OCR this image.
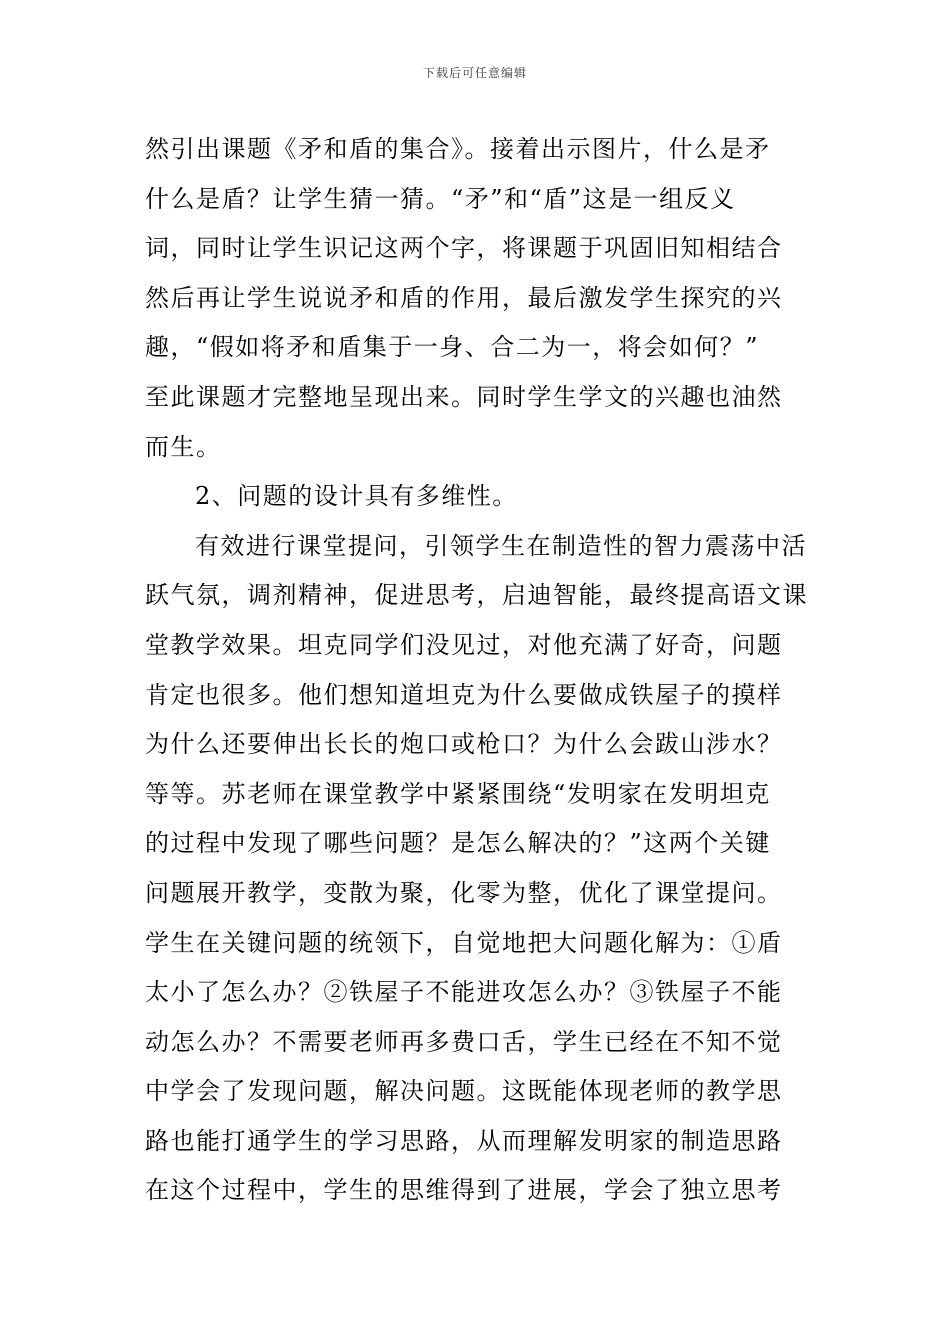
下载后可任意编辑
然引出课题《矛和盾的集合》。接着出示图片，什么是矛
什么是盾？让学生猜一猜。“矛”和“盾”这是一组反义
词，同时让学生识记这两个字，将课题于巩固旧知相结合
然后再让学生说说矛和盾的作用，最后激发学生探究的兴
趣，“假如将矛和盾集于一身、合二为一，将会如何？”
至此课题才完整地呈现出来。同时学生学文的兴趣也油然
而生。
2、问题的设计具有多维性。
有效进行课堂提问，引领学生在制造性的智力震荡中活
跃气氛，调剂精神，促进思考，启迪智能，最终提高语文课
堂教学效果。坦克同学们没见过，对他充满了好奇，问题
肯定也很多。他们想知道坦克为什么要做成铁屋子的摸样
为什么还要伸出长长的炮口或枪口？为什么会跋山涉水？
等等。苏老师在课堂教学中紧紧围绕“发明家在发明坦克
的过程中发现了哪些问题？是怎么解决的？”这两个关键
问题展开教学，变散为聚，化零为整，优化了课堂提问。
学生在关键问题的统领下，自觉地把大问题化解为：①盾
太小了怎么办？②铁屋子不能进攻怎么办？③铁屋子不能
动怎么办？不需要老师再多费口舌，学生已经在不知不觉
中学会了发现问题，解决问题。这既能体现老师的教学思
路也能打通学生的学习思路，从而理解发明家的制造思路
在这个过程中，学生的思维得到了进展，学会了独立思考
